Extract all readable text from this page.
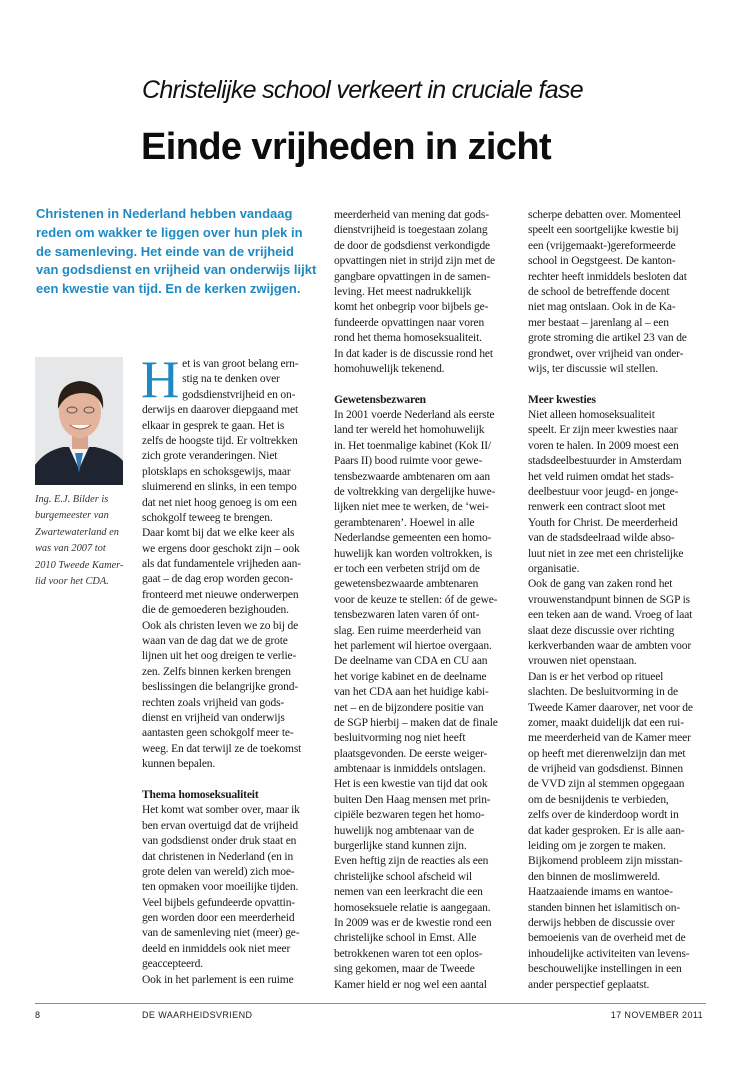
Christelijke school verkeert in cruciale fase
Einde vrijheden in zicht
Christenen in Nederland hebben vandaag
reden om wakker te liggen over hun plek in
de samenleving. Het einde van de vrijheid
van godsdienst en vrijheid van onderwijs lijkt
een kwestie van tijd. En de kerken zwijgen.
Ing. E.J. Bilder is
burgemeester van
Zwartewaterland en
was van 2007 tot
2010 Tweede Kamer-
lid voor het CDA.
H et is van groot belang ern-
stig na te denken over
godsdienstvrijheid en on-
derwijs en daarover diepgaand met
elkaar in gesprek te gaan. Het is
zelfs de hoogste tijd. Er voltrekken
zich grote veranderingen. Niet
plotsklaps en schoksgewijs, maar
sluimerend en slinks, in een tempo
dat net niet hoog genoeg is om een
schokgolf teweeg te brengen.
Daar komt bij dat we elke keer als
we ergens door geschokt zijn – ook
als dat fundamentele vrijheden aan-
gaat – de dag erop worden gecon-
fronteerd met nieuwe onderwerpen
die de gemoederen bezighouden.
Ook als christen leven we zo bij de
waan van de dag dat we de grote
lijnen uit het oog dreigen te verlie-
zen. Zelfs binnen kerken brengen
beslissingen die belangrijke grond-
rechten zoals vrijheid van gods-
dienst en vrijheid van onderwijs
aantasten geen schokgolf meer te-
weeg. En dat terwijl ze de toekomst
kunnen bepalen.
Thema homoseksualiteit
Het komt wat somber over, maar ik
ben ervan overtuigd dat de vrijheid
van godsdienst onder druk staat en
dat christenen in Nederland (en in
grote delen van wereld) zich moe-
ten opmaken voor moeilijke tijden.
Veel bijbels gefundeerde opvattin-
gen worden door een meerderheid
van de samenleving niet (meer) ge-
deeld en inmiddels ook niet meer
geaccepteerd.
Ook in het parlement is een ruime
meerderheid van mening dat gods-
dienstvrijheid is toegestaan zolang
de door de godsdienst verkondigde
opvattingen niet in strijd zijn met de
gangbare opvattingen in de samen-
leving. Het meest nadrukkelijk
komt het onbegrip voor bijbels ge-
fundeerde opvattingen naar voren
rond het thema homoseksualiteit.
In dat kader is de discussie rond het
homohuwelijk tekenend.
Gewetensbezwaren
In 2001 voerde Nederland als eerste
land ter wereld het homohuwelijk
in. Het toenmalige kabinet (Kok II/
Paars II) bood ruimte voor gewe-
tensbezwaarde ambtenaren om aan
de voltrekking van dergelijke huwe-
lijken niet mee te werken, de ‘wei-
gerambtenaren’. Hoewel in alle
Nederlandse gemeenten een homo-
huwelijk kan worden voltrokken, is
er toch een verbeten strijd om de
gewetensbezwaarde ambtenaren
voor de keuze te stellen: óf de gewe-
tensbezwaren laten varen óf ont-
slag. Een ruime meerderheid van
het parlement wil hiertoe overgaan.
De deelname van CDA en CU aan
het vorige kabinet en de deelname
van het CDA aan het huidige kabi-
net – en de bijzondere positie van
de SGP hierbij – maken dat de finale
besluitvorming nog niet heeft
plaatsgevonden. De eerste weiger-
ambtenaar is inmiddels ontslagen.
Het is een kwestie van tijd dat ook
buiten Den Haag mensen met prin-
cipiële bezwaren tegen het homo-
huwelijk nog ambtenaar van de
burgerlijke stand kunnen zijn.
Even heftig zijn de reacties als een
christelijke school afscheid wil
nemen van een leerkracht die een
homoseksuele relatie is aangegaan.
In 2009 was er de kwestie rond een
christelijke school in Emst. Alle
betrokkenen waren tot een oplos-
sing gekomen, maar de Tweede
Kamer hield er nog wel een aantal
scherpe debatten over. Momenteel
speelt een soortgelijke kwestie bij
een (vrijgemaakt-)gereformeerde
school in Oegstgeest. De kanton-
rechter heeft inmiddels besloten dat
de school de betreffende docent
niet mag ontslaan. Ook in de Ka-
mer bestaat – jarenlang al – een
grote stroming die artikel 23 van de
grondwet, over vrijheid van onder-
wijs, ter discussie wil stellen.
Meer kwesties
Niet alleen homoseksualiteit
speelt. Er zijn meer kwesties naar
voren te halen. In 2009 moest een
stadsdeelbestuurder in Amsterdam
het veld ruimen omdat het stads-
deelbestuur voor jeugd- en jonge-
renwerk een contract sloot met
Youth for Christ. De meerderheid
van de stadsdeelraad wilde abso-
luut niet in zee met een christelijke
organisatie.
Ook de gang van zaken rond het
vrouwenstandpunt binnen de SGP is
een teken aan de wand. Vroeg of laat
slaat deze discussie over richting
kerkverbanden waar de ambten voor
vrouwen niet openstaan.
Dan is er het verbod op ritueel
slachten. De besluitvorming in de
Tweede Kamer daarover, net voor de
zomer, maakt duidelijk dat een rui-
me meerderheid van de Kamer meer
op heeft met dierenwelzijn dan met
de vrijheid van godsdienst. Binnen
de VVD zijn al stemmen opgegaan
om de besnijdenis te verbieden,
zelfs over de kinderdoop wordt in
dat kader gesproken. Er is alle aan-
leiding om je zorgen te maken.
Bijkomend probleem zijn misstan-
den binnen de moslimwereld.
Haatzaaiende imams en wantoe-
standen binnen het islamitisch on-
derwijs hebben de discussie over
bemoeienis van de overheid met de
inhoudelijke activiteiten van levens-
beschouwelijke instellingen in een
ander perspectief geplaatst.
8	DE WAARHEIDSVRIEND	17 NOVEMBER 2011
